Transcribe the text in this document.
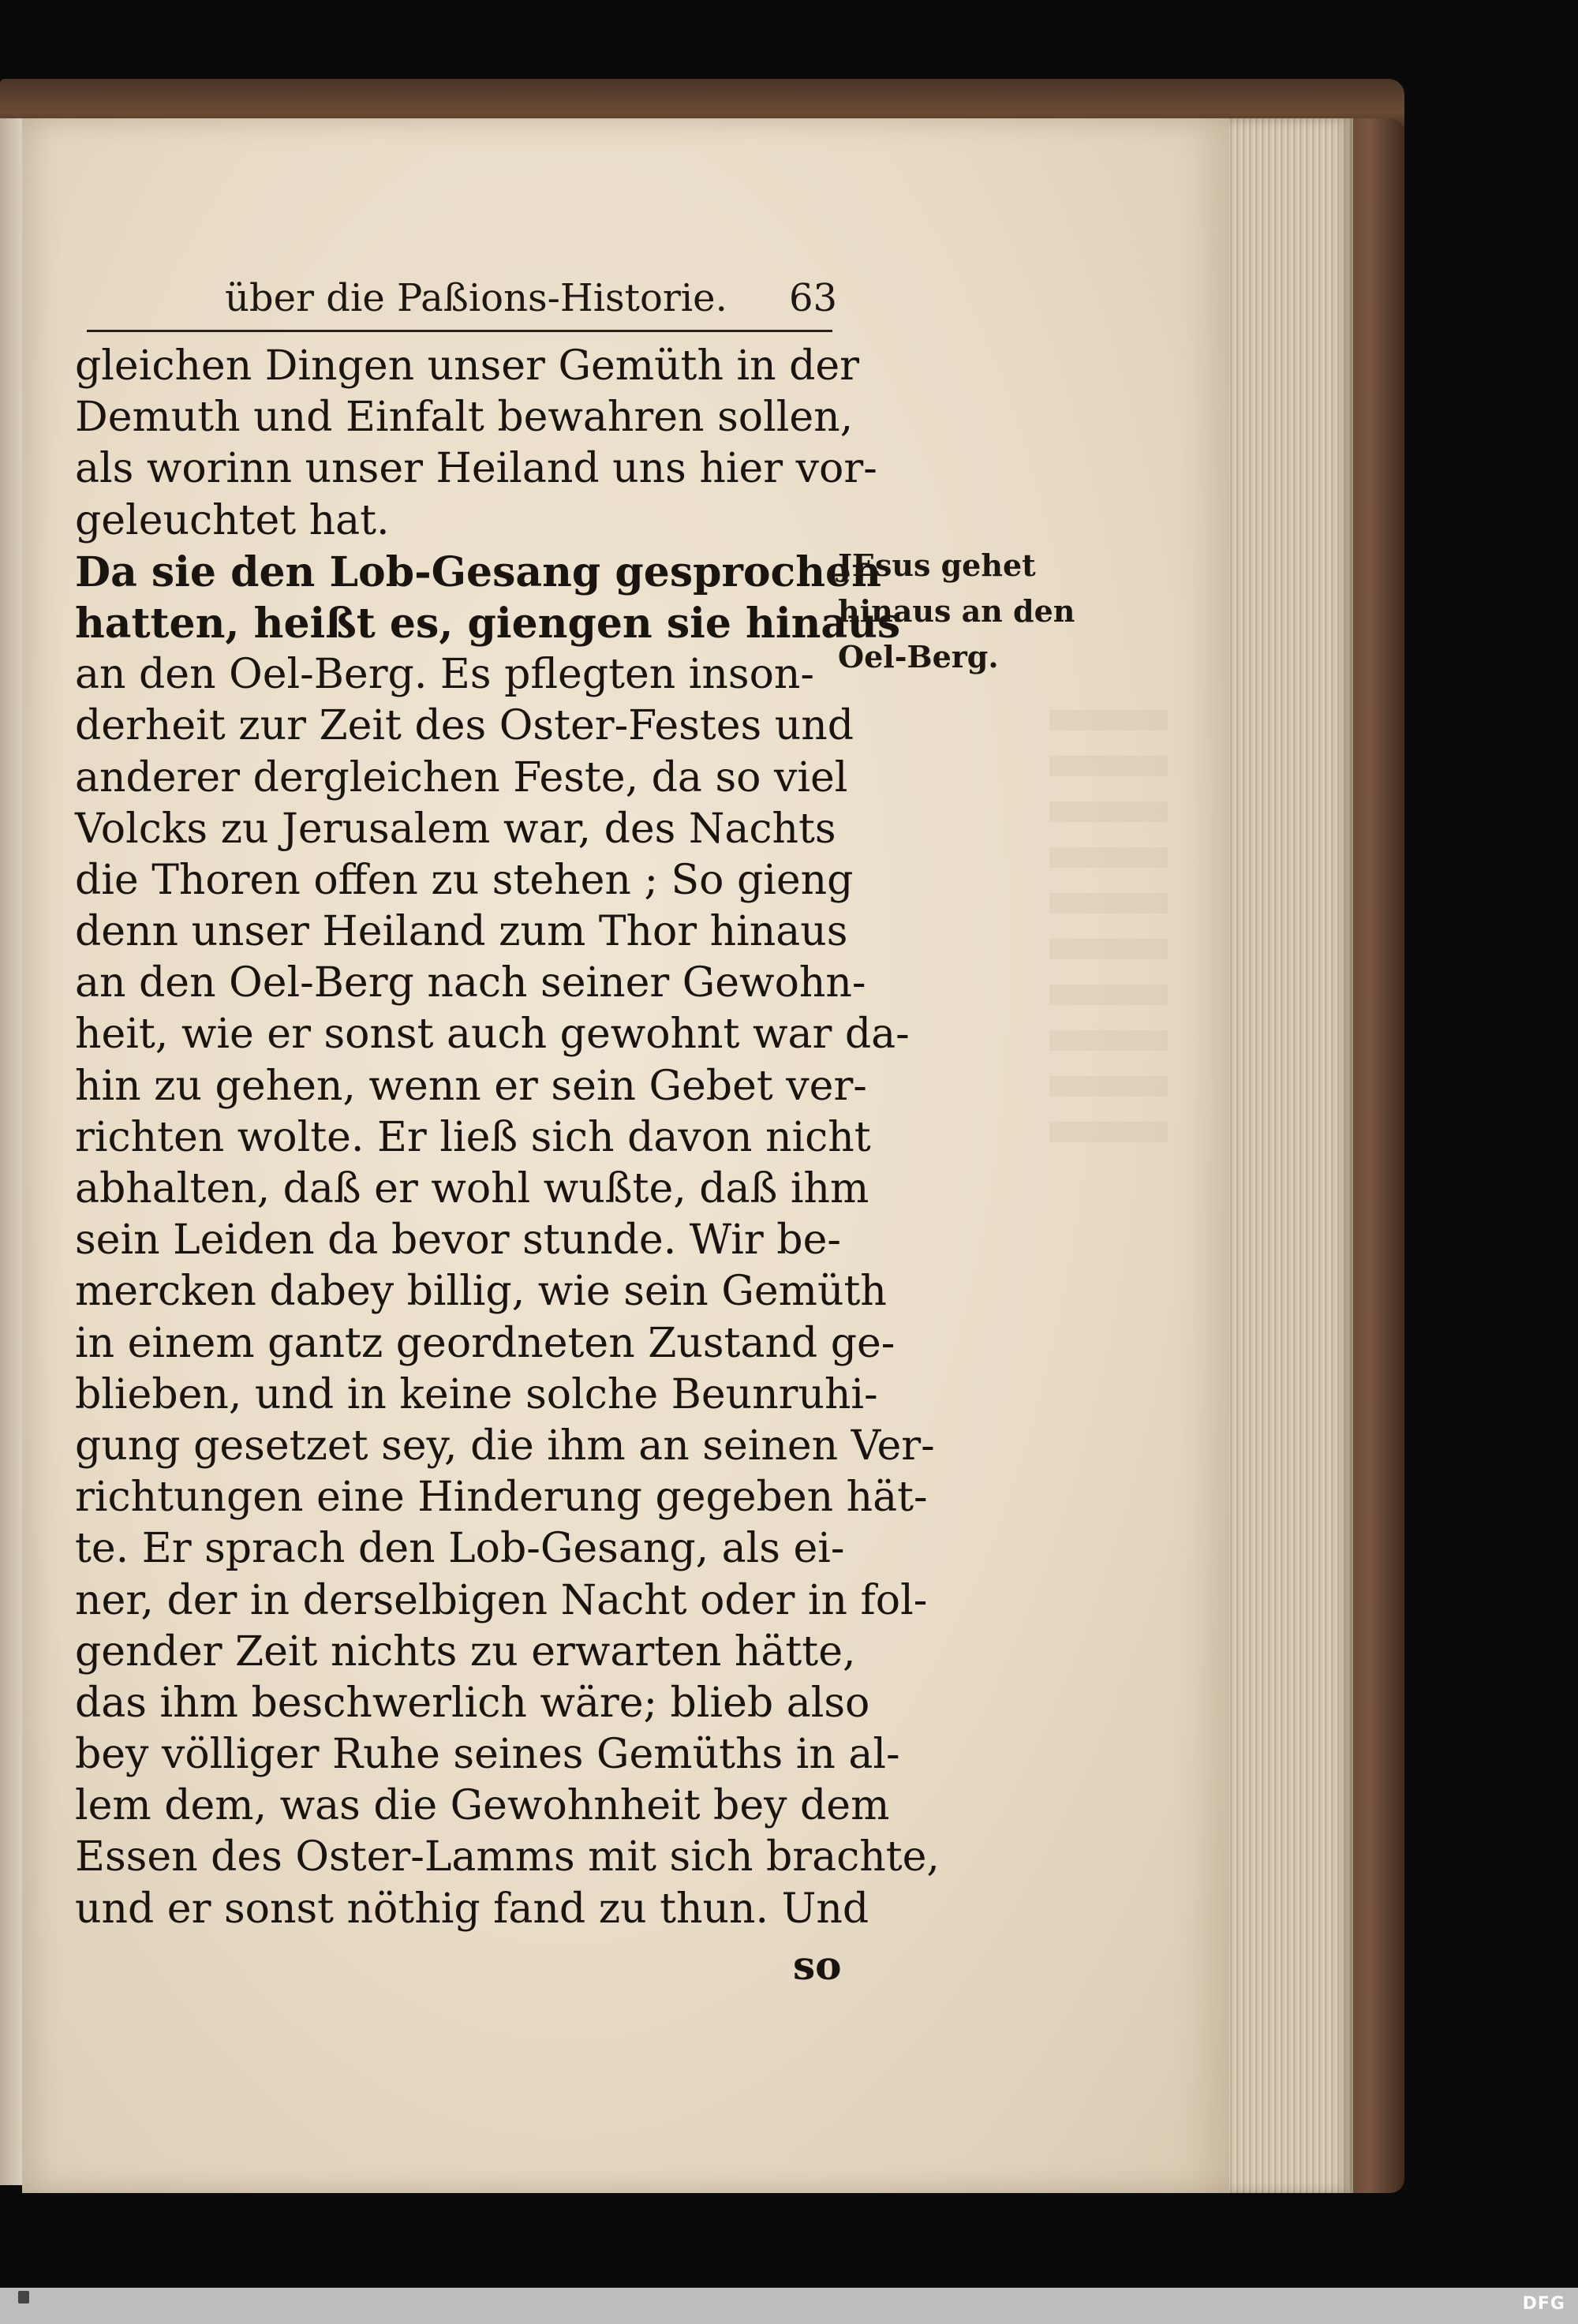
über die Paßions-Historie.	63
gleichen Dingen unser Gemüth in der
Demuth und Einfalt bewahren sollen,
als worinn unser Heiland uns hier vor-
geleuchtet hat.
Da sie den Lob-Gesang gesprochen
hatten, heißt es, giengen sie hinaus
an den Oel-Berg. Es pflegten inson-
derheit zur Zeit des Oster-Festes und
anderer dergleichen Feste, da so viel
Volcks zu Jerusalem war, des Nachts
die Thoren offen zu stehen ; So gieng
denn unser Heiland zum Thor hinaus
an den Oel-Berg nach seiner Gewohn-
heit, wie er sonst auch gewohnt war da-
hin zu gehen, wenn er sein Gebet ver-
richten wolte. Er ließ sich davon nicht
abhalten, daß er wohl wußte, daß ihm
sein Leiden da bevor stunde. Wir be-
mercken dabey billig, wie sein Gemüth
in einem gantz geordneten Zustand ge-
blieben, und in keine solche Beunruhi-
gung gesetzet sey, die ihm an seinen Ver-
richtungen eine Hinderung gegeben hät-
te. Er sprach den Lob-Gesang, als ei-
ner, der in derselbigen Nacht oder in fol-
gender Zeit nichts zu erwarten hätte,
das ihm beschwerlich wäre; blieb also
bey völliger Ruhe seines Gemüths in al-
lem dem, was die Gewohnheit bey dem
Essen des Oster-Lamms mit sich brachte,
und er sonst nöthig fand zu thun. Und
JEsus gehet
hinaus an den
Oel-Berg.
so
DFG
